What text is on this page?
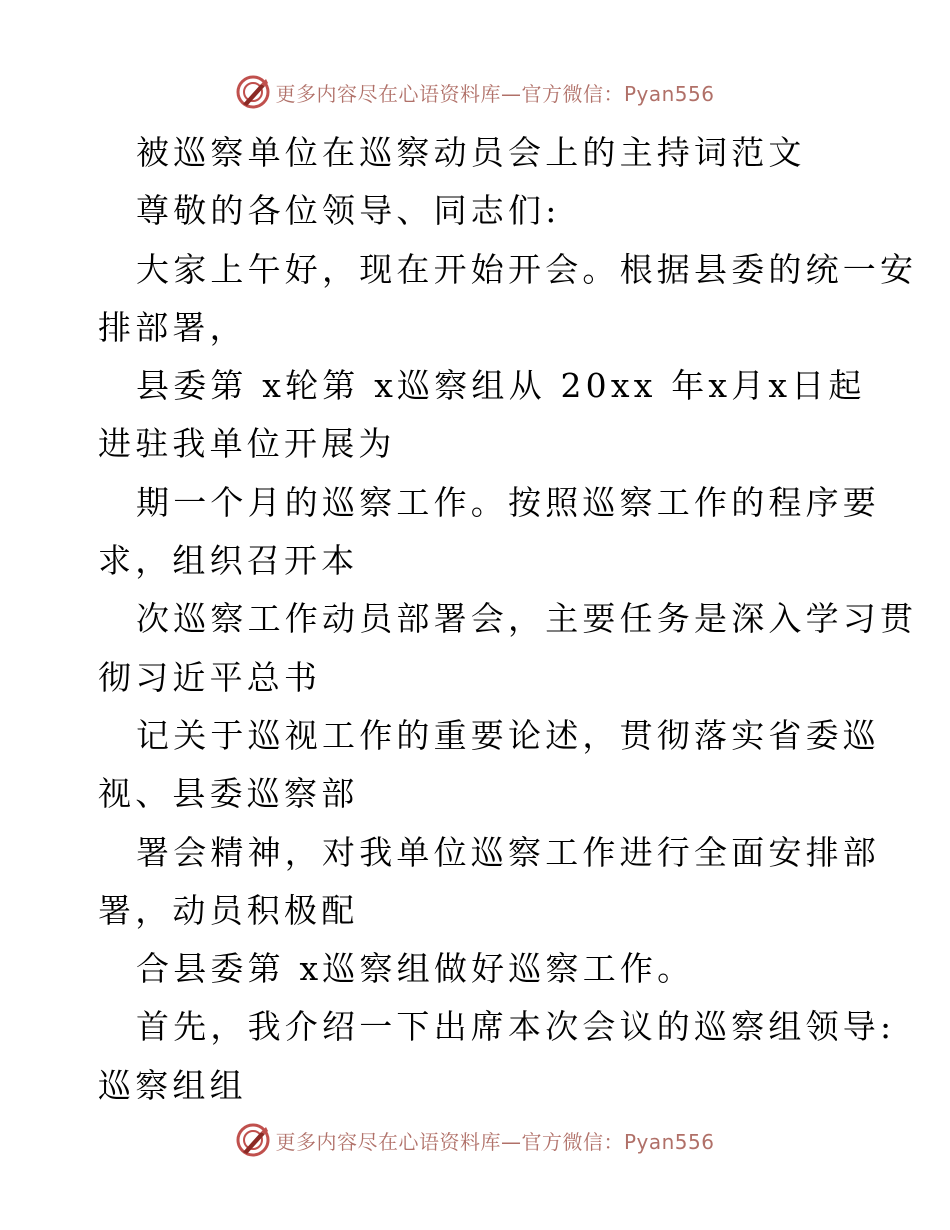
更多内容尽在心语资料库—官方微信：Pyan556
被巡察单位在巡察动员会上的主持词范文
尊敬的各位领导、同志们:
大家上午好，现在开始开会。根据县委的统一安
排部署，
县委第 x轮第 x巡察组从 20xx 年x月x日起
进驻我单位开展为
期一个月的巡察工作。按照巡察工作的程序要
求，组织召开本
次巡察工作动员部署会，主要任务是深入学习贯
彻习近平总书
记关于巡视工作的重要论述，贯彻落实省委巡
视、县委巡察部
署会精神，对我单位巡察工作进行全面安排部
署，动员积极配
合县委第 x巡察组做好巡察工作。
首先，我介绍一下出席本次会议的巡察组领导:
巡察组组
更多内容尽在心语资料库—官方微信：Pyan556
